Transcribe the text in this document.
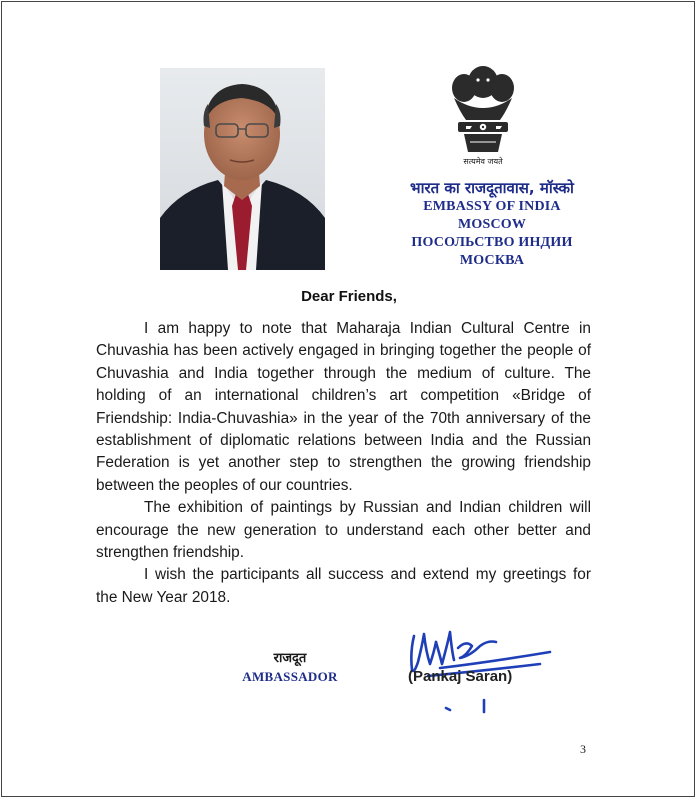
सत्यमेव जयते
भारत का राजदूतावास, मॉस्को
EMBASSY OF INDIA
MOSCOW
ПОСОЛЬСТВО ИНДИИ
МОСКВА
Dear Friends,

I am happy to note that Maharaja Indian Cultural Centre in Chuvashia has been actively engaged in bringing together the people of Chuvashia and India together through the medium of culture. The holding of an international children’s art competition «Bridge of Friendship: India-Chuvashia» in the year of the 70th anniversary of the establishment of diplomatic relations between India and the Russian Federation is yet another step to strengthen the growing friendship between the peoples of our countries.

The exhibition of paintings by Russian and Indian children will encourage the new generation to understand each other better and strengthen friendship.

I wish the participants all success and extend my greetings for the New Year 2018.

राजदूत
AMBASSADOR	(Pankaj Saran)
3
